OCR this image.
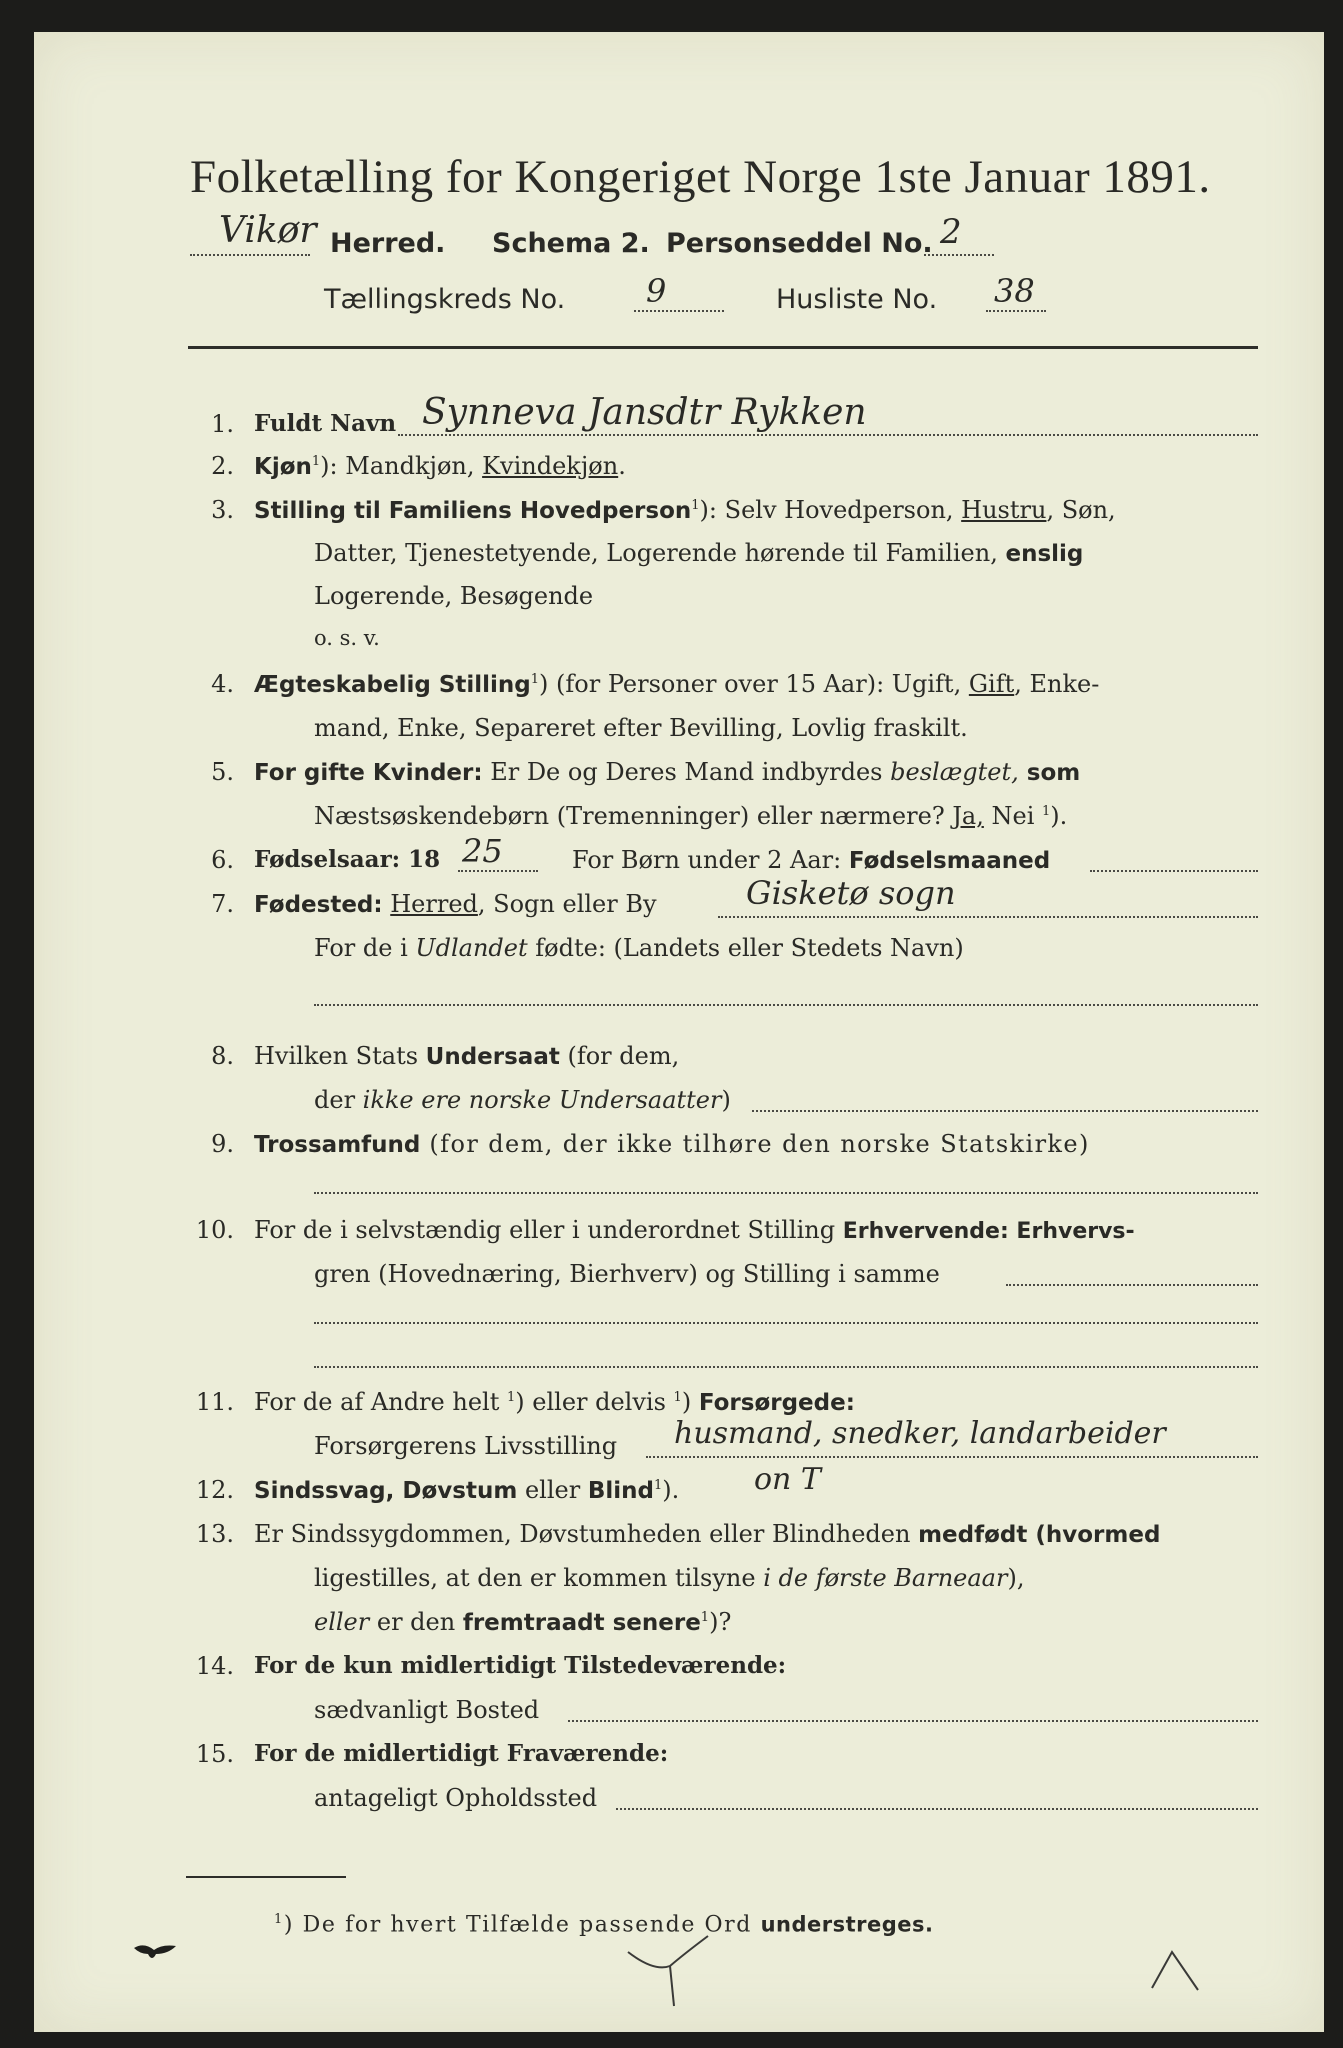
Folketælling for Kongeriget Norge 1ste Januar 1891.
Vikør Herred. Schema 2. Personseddel No. 2
Tællingskreds No.	9	Husliste No. 38
1. Fuldt Navn Synneva Jansdtr Rykken
2. Kjøn$^1$): Mandkjøn, Kvindekjøn.
3. Stilling til Familiens Hovedperson$^1$): Selv Hovedperson, Hustru, Søn,
Datter, Tjenestetyende, Logerende hørende til Familien, enslig
Logerende, Besøgende
o. s. v.
4. Ægteskabelig Stilling$^1$) (for Personer over 15 Aar): Ugift, Gift, Enke-
mand, Enke, Separeret efter Bevilling, Lovlig fraskilt.
5. For gifte Kvinder: Er De og Deres Mand indbyrdes beslægtet, som
Næstsøskendebørn (Tremenninger) eller nærmere? Ja, Nei $^1$).
6. Fødselsaar: 18 25	For Børn under 2 Aar: Fødselsmaaned
7. Fødested: Herred, Sogn eller By	Gisketø sogn
For de i Udlandet fødte: (Landets eller Stedets Navn)
8. Hvilken Stats Undersaat (for dem,
der ikke ere norske Undersaatter)
9. Trossamfund (for dem, der ikke tilhøre den norske Statskirke)
10. For de i selvstændig eller i underordnet Stilling Erhvervende: Erhvervs-
gren (Hovednæring, Bierhverv) og Stilling i samme
11. For de af Andre helt $^1$) eller delvis $^1$) Forsørgede:
Forsørgerens Livsstilling husmand, snedker, landarbeider
12. Sindssvag, Døvstum eller Blind$^1$). on T
13. Er Sindssygdommen, Døvstumheden eller Blindheden medfødt (hvormed
ligestilles, at den er kommen tilsyne i de første Barneaar),
eller er den fremtraadt senere$^1$)?
14. For de kun midlertidigt Tilstedeværende:
sædvanligt Bosted
15. For de midlertidigt Fraværende:
antageligt Opholdssted
$^1$) De for hvert Tilfælde passende Ord understreges.
